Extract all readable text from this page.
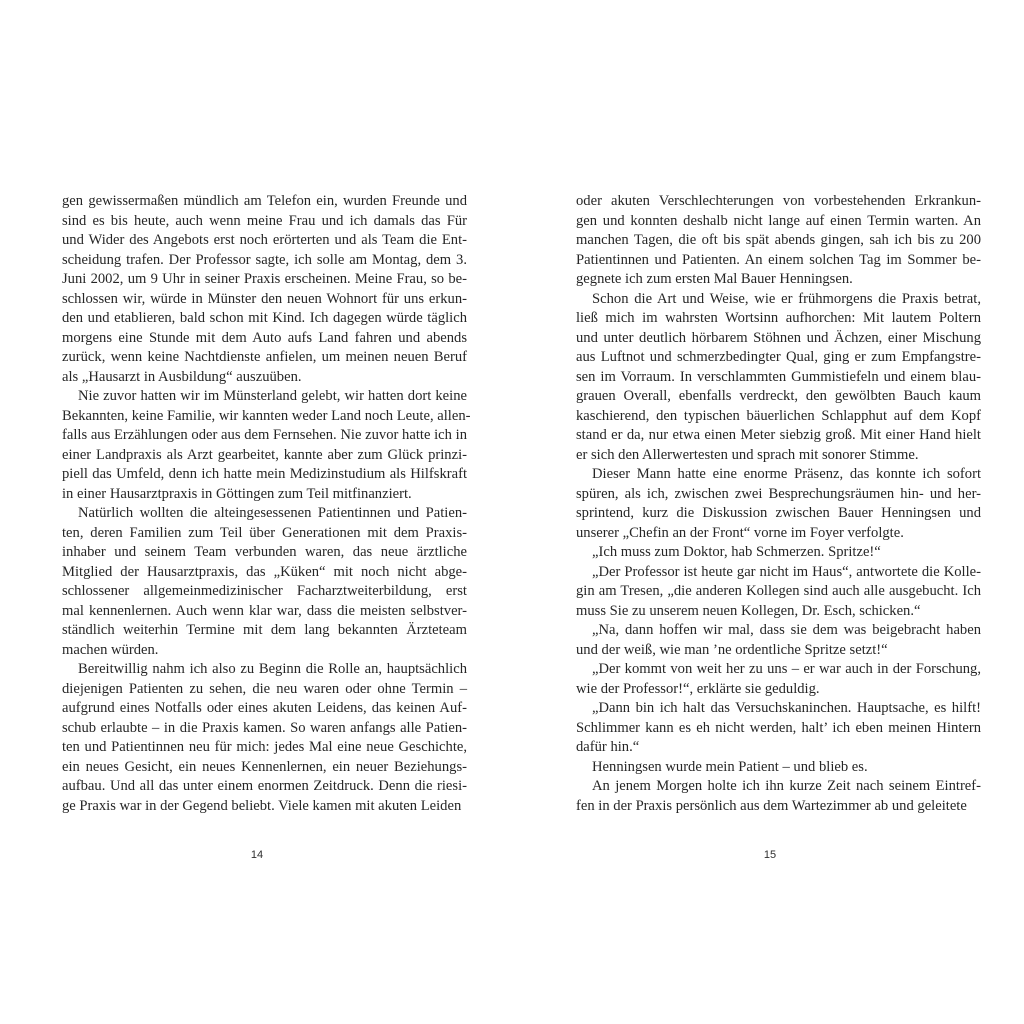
gen gewissermaßen mündlich am Telefon ein, wurden Freunde und
sind es bis heute, auch wenn meine Frau und ich damals das Für
und Wider des Angebots erst noch erörterten und als Team die Ent-
scheidung trafen. Der Professor sagte, ich solle am Montag, dem 3.
Juni 2002, um 9 Uhr in seiner Praxis erscheinen. Meine Frau, so be-
schlossen wir, würde in Münster den neuen Wohnort für uns erkun-
den und etablieren, bald schon mit Kind. Ich dagegen würde täglich
morgens eine Stunde mit dem Auto aufs Land fahren und abends
zurück, wenn keine Nachtdienste anfielen, um meinen neuen Beruf
als „Hausarzt in Ausbildung“ auszuüben.
Nie zuvor hatten wir im Münsterland gelebt, wir hatten dort keine
Bekannten, keine Familie, wir kannten weder Land noch Leute, allen-
falls aus Erzählungen oder aus dem Fernsehen. Nie zuvor hatte ich in
einer Landpraxis als Arzt gearbeitet, kannte aber zum Glück prinzi-
piell das Umfeld, denn ich hatte mein Medizinstudium als Hilfskraft
in einer Hausarztpraxis in Göttingen zum Teil mitfinanziert.
Natürlich wollten die alteingesessenen Patientinnen und Patien-
ten, deren Familien zum Teil über Generationen mit dem Praxis-
inhaber und seinem Team verbunden waren, das neue ärztliche
Mitglied der Hausarztpraxis, das „Küken“ mit noch nicht abge-
schlossener allgemeinmedizinischer Facharztweiterbildung, erst
mal kennenlernen. Auch wenn klar war, dass die meisten selbstver-
ständlich weiterhin Termine mit dem lang bekannten Ärzteteam
machen würden.
Bereitwillig nahm ich also zu Beginn die Rolle an, hauptsächlich
diejenigen Patienten zu sehen, die neu waren oder ohne Termin –
aufgrund eines Notfalls oder eines akuten Leidens, das keinen Auf-
schub erlaubte – in die Praxis kamen. So waren anfangs alle Patien-
ten und Patientinnen neu für mich: jedes Mal eine neue Geschichte,
ein neues Gesicht, ein neues Kennenlernen, ein neuer Beziehungs-
aufbau. Und all das unter einem enormen Zeitdruck. Denn die riesi-
ge Praxis war in der Gegend beliebt. Viele kamen mit akuten Leiden
oder akuten Verschlechterungen von vorbestehenden Erkrankun-
gen und konnten deshalb nicht lange auf einen Termin warten. An
manchen Tagen, die oft bis spät abends gingen, sah ich bis zu 200
Patientinnen und Patienten. An einem solchen Tag im Sommer be-
gegnete ich zum ersten Mal Bauer Henningsen.
Schon die Art und Weise, wie er frühmorgens die Praxis betrat,
ließ mich im wahrsten Wortsinn aufhorchen: Mit lautem Poltern
und unter deutlich hörbarem Stöhnen und Ächzen, einer Mischung
aus Luftnot und schmerzbedingter Qual, ging er zum Empfangstre-
sen im Vorraum. In verschlammten Gummistiefeln und einem blau-
grauen Overall, ebenfalls verdreckt, den gewölbten Bauch kaum
kaschierend, den typischen bäuerlichen Schlapphut auf dem Kopf
stand er da, nur etwa einen Meter siebzig groß. Mit einer Hand hielt
er sich den Allerwertesten und sprach mit sonorer Stimme.
Dieser Mann hatte eine enorme Präsenz, das konnte ich sofort
spüren, als ich, zwischen zwei Besprechungsräumen hin- und her-
sprintend, kurz die Diskussion zwischen Bauer Henningsen und
unserer „Chefin an der Front“ vorne im Foyer verfolgte.
„Ich muss zum Doktor, hab Schmerzen. Spritze!“
„Der Professor ist heute gar nicht im Haus“, antwortete die Kolle-
gin am Tresen, „die anderen Kollegen sind auch alle ausgebucht. Ich
muss Sie zu unserem neuen Kollegen, Dr. Esch, schicken.“
„Na, dann hoffen wir mal, dass sie dem was beigebracht haben
und der weiß, wie man ’ne ordentliche Spritze setzt!“
„Der kommt von weit her zu uns – er war auch in der Forschung,
wie der Professor!“, erklärte sie geduldig.
„Dann bin ich halt das Versuchskaninchen. Hauptsache, es hilft!
Schlimmer kann es eh nicht werden, halt’ ich eben meinen Hintern
dafür hin.“
Henningsen wurde mein Patient – und blieb es.
An jenem Morgen holte ich ihn kurze Zeit nach seinem Eintref-
fen in der Praxis persönlich aus dem Wartezimmer ab und geleitete
14	15
